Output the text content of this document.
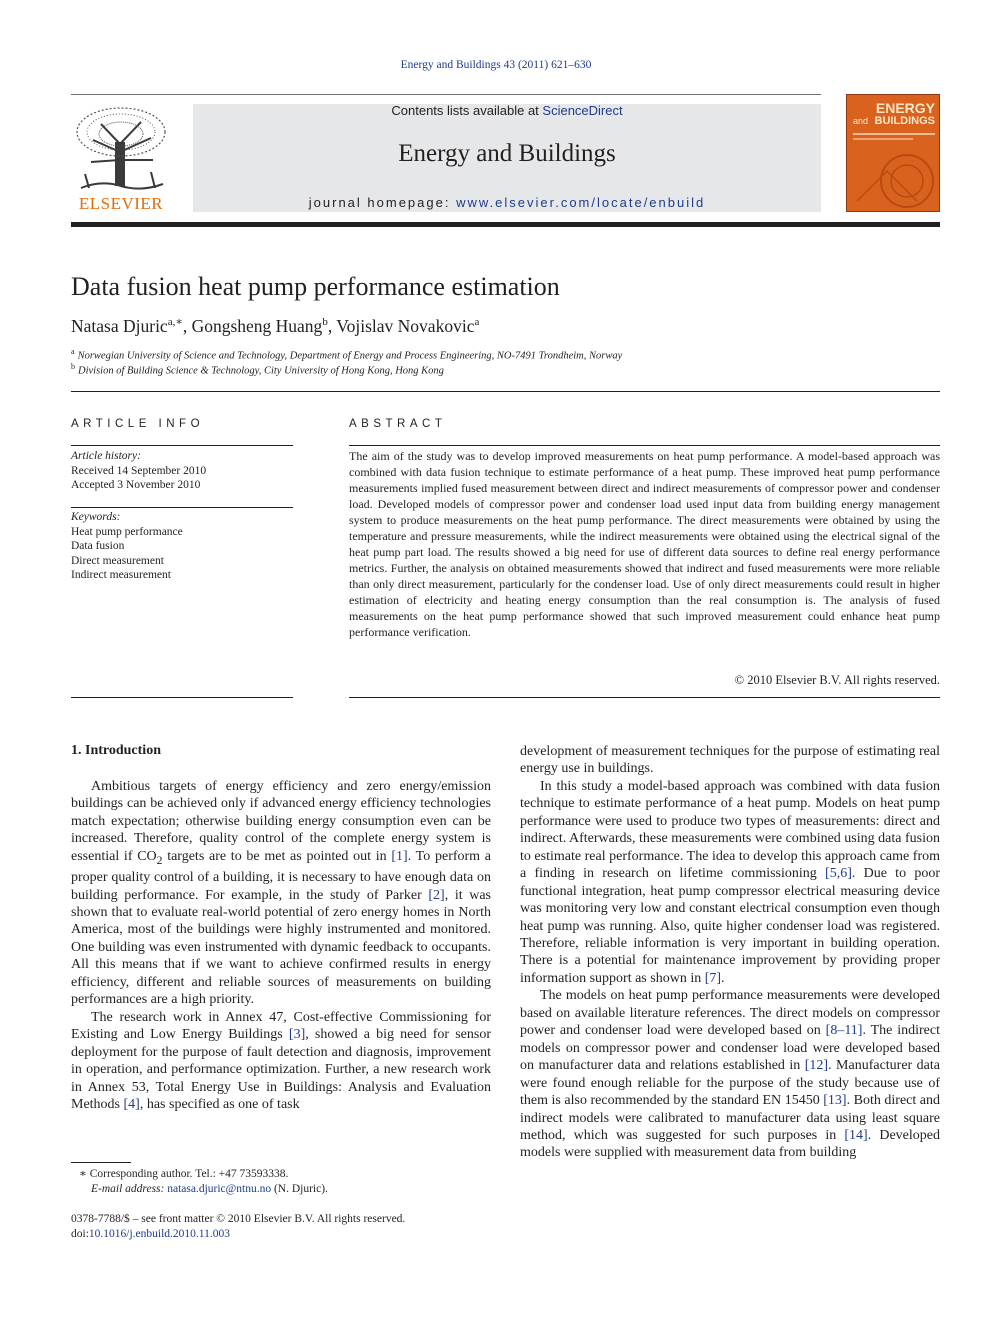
Energy and Buildings 43 (2011) 621–630
ELSEVIER
Contents lists available at ScienceDirect
Energy and Buildings
journal homepage: www.elsevier.com/locate/enbuild
ENERGY
and BUILDINGS
Data fusion heat pump performance estimation
Natasa Djuric$^{a,∗}$, Gongsheng Huang$^b$, Vojislav Novakovic$^a$
$^a$ Norwegian University of Science and Technology, Department of Energy and Process Engineering, NO-7491 Trondheim, Norway
$^b$ Division of Building Science & Technology, City University of Hong Kong, Hong Kong
ARTICLE INFO
Article history:
Received 14 September 2010
Accepted 3 November 2010
Keywords:
Heat pump performance
Data fusion
Direct measurement
Indirect measurement
ABSTRACT
The aim of the study was to develop improved measurements on heat pump performance. A model-based approach was combined with data fusion technique to estimate performance of a heat pump. These improved heat pump performance measurements implied fused measurement between direct and indirect measurements of compressor power and condenser load. Developed models of compressor power and condenser load used input data from building energy management system to produce measurements on the heat pump performance. The direct measurements were obtained by using the temperature and pressure measurements, while the indirect measurements were obtained using the electrical signal of the heat pump part load. The results showed a big need for use of different data sources to define real energy performance metrics. Further, the analysis on obtained measurements showed that indirect and fused measurements were more reliable than only direct measurement, particularly for the condenser load. Use of only direct measurements could result in higher estimation of electricity and heating energy consumption than the real consumption is. The analysis of fused measurements on the heat pump performance showed that such improved measurement could enhance heat pump performance verification.
© 2010 Elsevier B.V. All rights reserved.
1. Introduction

Ambitious targets of energy efficiency and zero energy/emission buildings can be achieved only if advanced energy efficiency technologies match expectation; otherwise building energy consumption even can be increased. Therefore, quality control of the complete energy system is essential if $CO_2$ targets are to be met as pointed out in [1]. To perform a proper quality control of a building, it is necessary to have enough data on building performance. For example, in the study of Parker [2], it was shown that to evaluate real-world potential of zero energy homes in North America, most of the buildings were highly instrumented and monitored. One building was even instrumented with dynamic feedback to occupants. All this means that if we want to achieve confirmed results in energy efficiency, different and reliable sources of measurements on building performances are a high priority.

The research work in Annex 47, Cost-effective Commissioning for Existing and Low Energy Buildings [3], showed a big need for sensor deployment for the purpose of fault detection and diagnosis, improvement in operation, and performance optimization. Further, a new research work in Annex 53, Total Energy Use in Buildings: Analysis and Evaluation Methods [4], has specified as one of task

development of measurement techniques for the purpose of estimating real energy use in buildings.

In this study a model-based approach was combined with data fusion technique to estimate performance of a heat pump. Models on heat pump performance were used to produce two types of measurements: direct and indirect. Afterwards, these measurements were combined using data fusion to estimate real performance. The idea to develop this approach came from a finding in research on lifetime commissioning [5,6]. Due to poor functional integration, heat pump compressor electrical measuring device was monitoring very low and constant electrical consumption even though heat pump was running. Also, quite higher condenser load was registered. Therefore, reliable information is very important in building operation. There is a potential for maintenance improvement by providing proper information support as shown in [7].

The models on heat pump performance measurements were developed based on available literature references. The direct models on compressor power and condenser load were developed based on [8–11]. The indirect models on compressor power and condenser load were developed based on manufacturer data and relations established in [12]. Manufacturer data were found enough reliable for the purpose of the study because use of them is also recommended by the standard EN 15450 [13]. Both direct and indirect models were calibrated to manufacturer data using least square method, which was suggested for such purposes in [14]. Developed models were supplied with measurement data from building

∗ Corresponding author. Tel.: +47 73593338.
E-mail address: natasa.djuric@ntnu.no (N. Djuric).
0378-7788/$ – see front matter © 2010 Elsevier B.V. All rights reserved.
doi:10.1016/j.enbuild.2010.11.003
